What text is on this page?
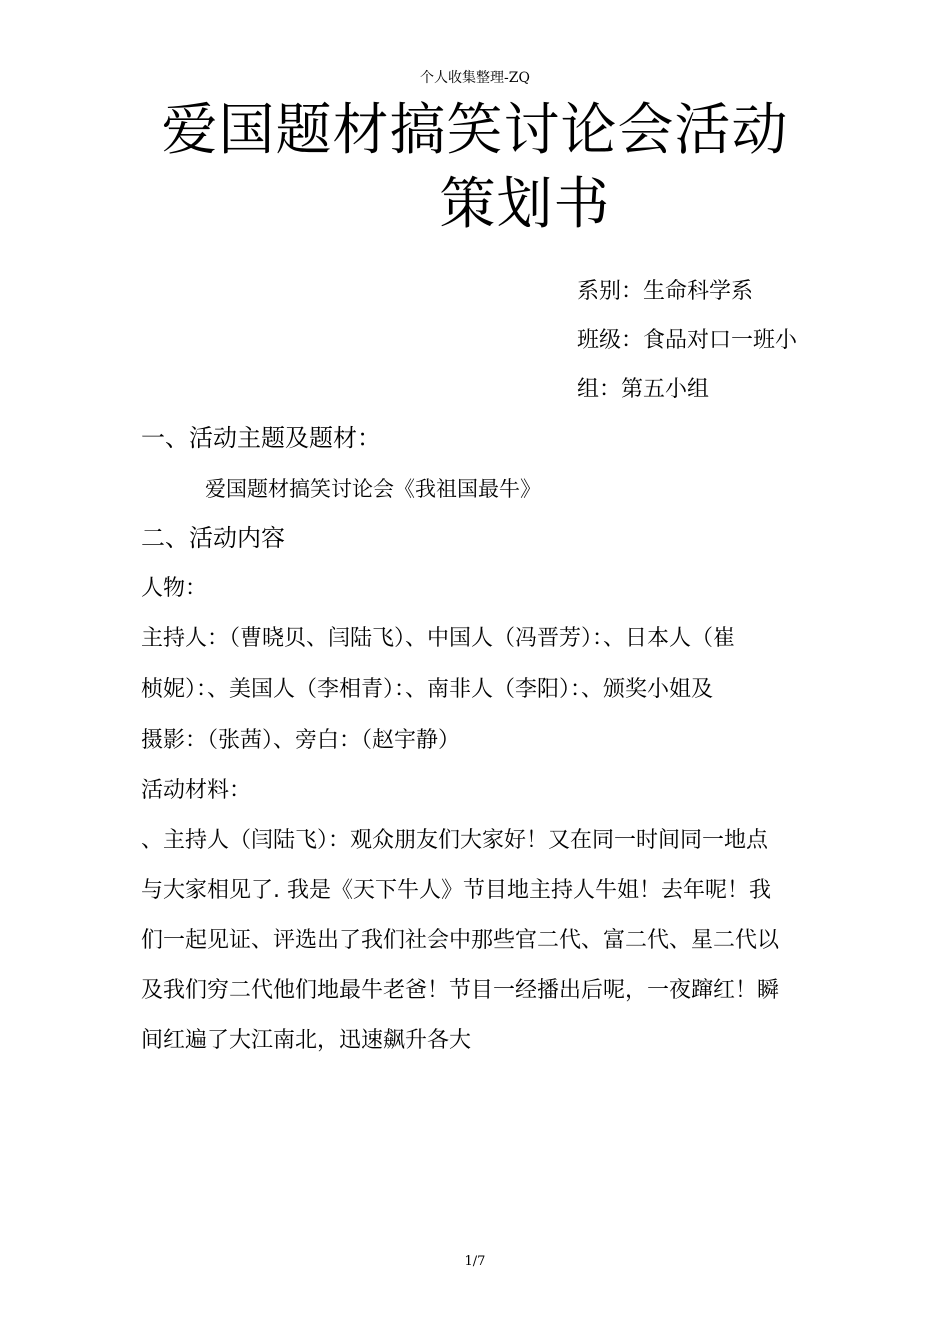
个人收集整理-ZQ
爱国题材搞笑讨论会活动
策划书
系别：生命科学系
班级：食品对口一班小
组：第五小组
一、活动主题及题材：
爱国题材搞笑讨论会《我祖国最牛》
二、活动内容
人物：
主持人：（曹晓贝、闫陆飞）、中国人（冯晋芳）：、日本人（崔
桢妮）：、美国人（李相青）：、南非人（李阳）：、颁奖小姐及
摄影：（张茜）、旁白：（赵宇静）
活动材料：
、主持人（闫陆飞）：观众朋友们大家好！又在同一时间同一地点
与大家相见了. 我是《天下牛人》节目地主持人牛姐！去年呢！我
们一起见证、评选出了我们社会中那些官二代、富二代、星二代以
及我们穷二代他们地最牛老爸！节目一经播出后呢，一夜蹿红！瞬
间红遍了大江南北，迅速飙升各大
1/7
